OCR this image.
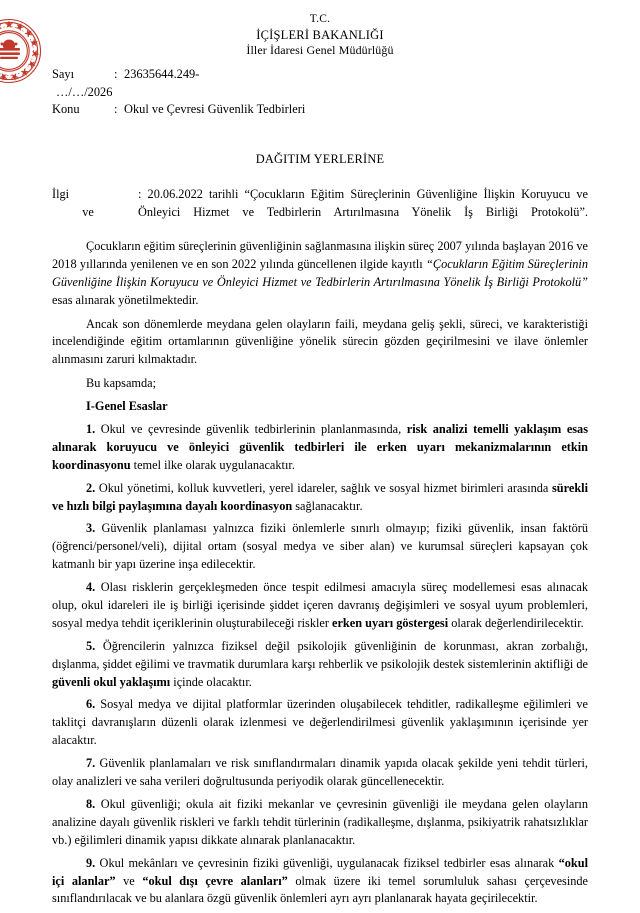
T.C.
İÇİŞLERİ BAKANLIĞI
İller İdaresi Genel Müdürlüğü
Sayı	: 23635644.249-
…/…/2026
Konu	: Okul ve Çevresi Güvenlik Tedbirleri
DAĞITIM YERLERİNE
İlgi
ve
: 20.06.2022 tarihli “Çocukların Eğitim Süreçlerinin Güvenliğine İlişkin Koruyucu ve Önleyici Hizmet ve Tedbirlerin Artırılmasına Yönelik İş Birliği Protokolü”.

Çocukların eğitim süreçlerinin güvenliğinin sağlanmasına ilişkin süreç 2007 yılında başlayan 2016 ve 2018 yıllarında yenilenen ve en son 2022 yılında güncellenen ilgide kayıtlı “Çocukların Eğitim Süreçlerinin Güvenliğine İlişkin Koruyucu ve Önleyici Hizmet ve Tedbirlerin Artırılmasına Yönelik İş Birliği Protokolü” esas alınarak yönetilmektedir.

Ancak son dönemlerde meydana gelen olayların faili, meydana geliş şekli, süreci, ve karakteristiği incelendiğinde eğitim ortamlarının güvenliğine yönelik sürecin gözden geçirilmesini ve ilave önlemler alınmasını zaruri kılmaktadır.

Bu kapsamda;

I-Genel Esaslar

1. Okul ve çevresinde güvenlik tedbirlerinin planlanmasında, risk analizi temelli yaklaşım esas alınarak koruyucu ve önleyici güvenlik tedbirleri ile erken uyarı mekanizmalarının etkin koordinasyonu temel ilke olarak uygulanacaktır.

2. Okul yönetimi, kolluk kuvvetleri, yerel idareler, sağlık ve sosyal hizmet birimleri arasında sürekli ve hızlı bilgi paylaşımına dayalı koordinasyon sağlanacaktır.

3. Güvenlik planlaması yalnızca fiziki önlemlerle sınırlı olmayıp; fiziki güvenlik, insan faktörü (öğrenci/personel/veli), dijital ortam (sosyal medya ve siber alan) ve kurumsal süreçleri kapsayan çok katmanlı bir yapı üzerine inşa edilecektir.

4. Olası risklerin gerçekleşmeden önce tespit edilmesi amacıyla süreç modellemesi esas alınacak olup, okul idareleri ile iş birliği içerisinde şiddet içeren davranış değişimleri ve sosyal uyum problemleri, sosyal medya tehdit içeriklerinin oluşturabileceği riskler erken uyarı göstergesi olarak değerlendirilecektir.

5. Öğrencilerin yalnızca fiziksel değil psikolojik güvenliğinin de korunması, akran zorbalığı, dışlanma, şiddet eğilimi ve travmatik durumlara karşı rehberlik ve psikolojik destek sistemlerinin aktifliği de güvenli okul yaklaşımı içinde olacaktır.

6. Sosyal medya ve dijital platformlar üzerinden oluşabilecek tehditler, radikalleşme eğilimleri ve taklitçi davranışların düzenli olarak izlenmesi ve değerlendirilmesi güvenlik yaklaşımının içerisinde yer alacaktır.

7. Güvenlik planlamaları ve risk sınıflandırmaları dinamik yapıda olacak şekilde yeni tehdit türleri, olay analizleri ve saha verileri doğrultusunda periyodik olarak güncellenecektir.

8. Okul güvenliği; okula ait fiziki mekanlar ve çevresinin güvenliği ile meydana gelen olayların analizine dayalı güvenlik riskleri ve farklı tehdit türlerinin (radikalleşme, dışlanma, psikiyatrik rahatsızlıklar vb.) eğilimleri dinamik yapısı dikkate alınarak planlanacaktır.

9. Okul mekânları ve çevresinin fiziki güvenliği, uygulanacak fiziksel tedbirler esas alınarak “okul içi alanlar” ve “okul dışı çevre alanları” olmak üzere iki temel sorumluluk sahası çerçevesinde sınıflandırılacak ve bu alanlara özgü güvenlik önlemleri ayrı ayrı planlanarak hayata geçirilecektir.
